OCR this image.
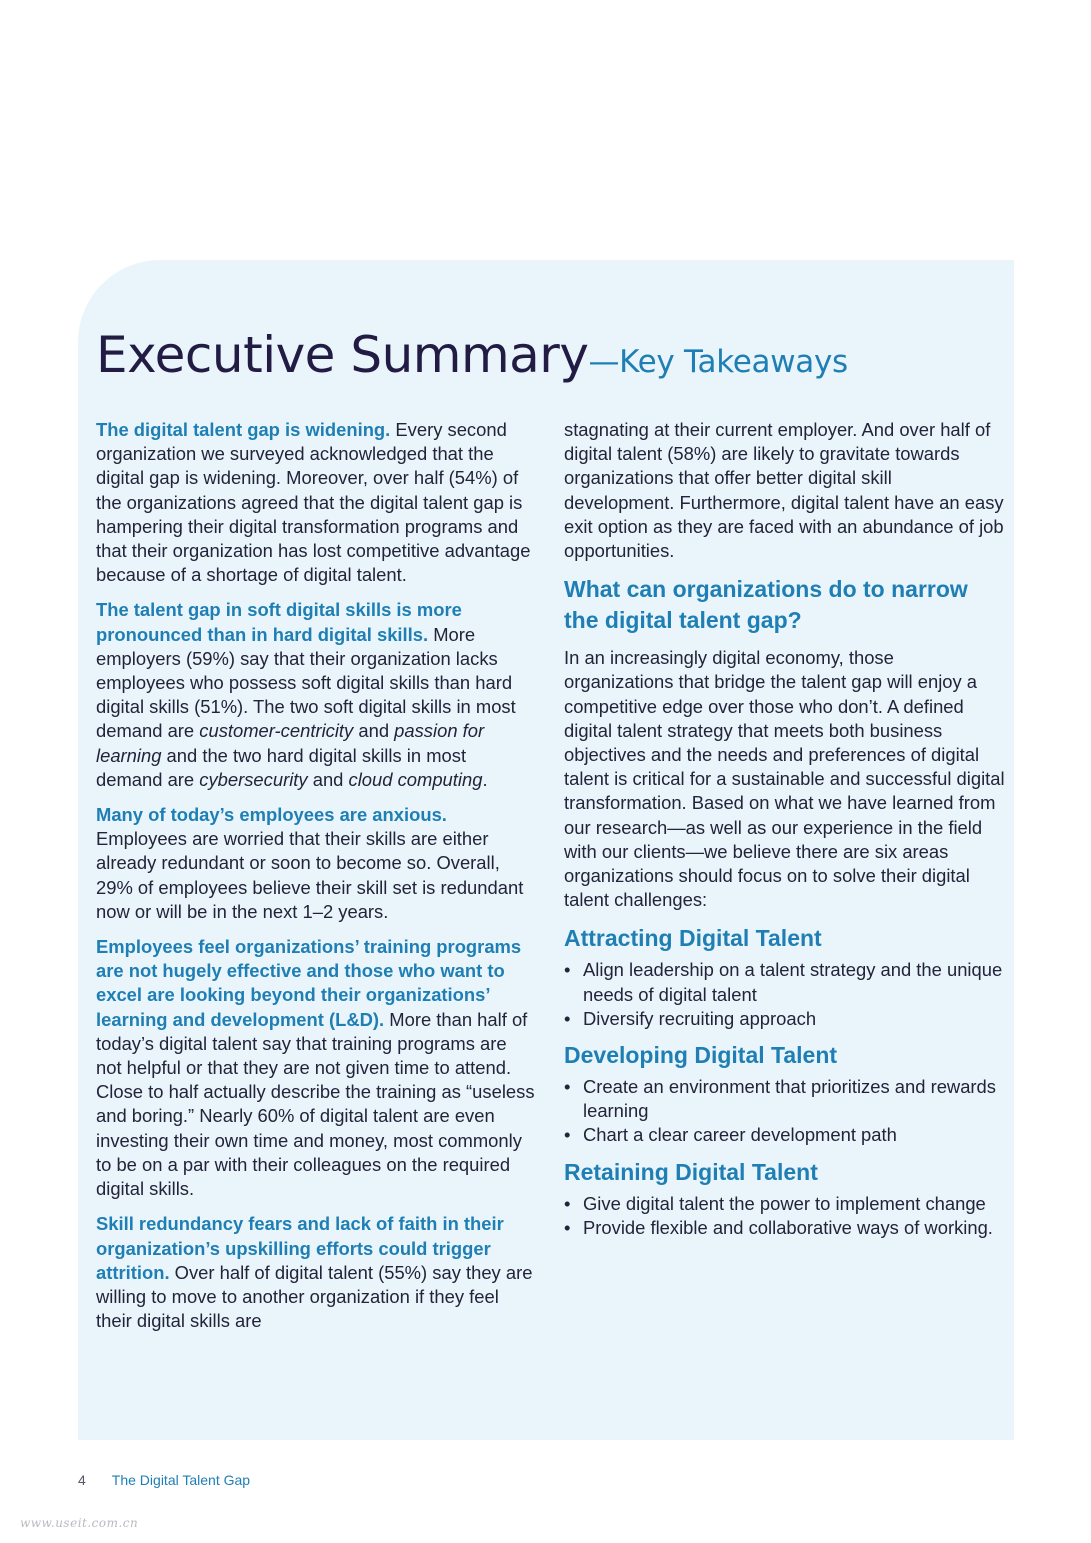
Executive Summary—Key Takeaways

The digital talent gap is widening. Every second organization we surveyed acknowledged that the digital gap is widening. Moreover, over half (54%) of the organizations agreed that the digital talent gap is hampering their digital transformation programs and that their organization has lost competitive advantage because of a shortage of digital talent.

The talent gap in soft digital skills is more pronounced than in hard digital skills. More employers (59%) say that their organization lacks employees who possess soft digital skills than hard digital skills (51%). The two soft digital skills in most demand are customer-centricity and passion for learning and the two hard digital skills in most demand are cybersecurity and cloud computing.

Many of today’s employees are anxious. Employees are worried that their skills are either already redundant or soon to become so. Overall, 29% of employees believe their skill set is redundant now or will be in the next 1–2 years.

Employees feel organizations’ training programs are not hugely effective and those who want to excel are looking beyond their organizations’ learning and development (L&D). More than half of today’s digital talent say that training programs are not helpful or that they are not given time to attend. Close to half actually describe the training as “useless and boring.” Nearly 60% of digital talent are even investing their own time and money, most commonly to be on a par with their colleagues on the required digital skills.

Skill redundancy fears and lack of faith in their organization’s upskilling efforts could trigger attrition. Over half of digital talent (55%) say they are willing to move to another organization if they feel their digital skills are

stagnating at their current employer. And over half of digital talent (58%) are likely to gravitate towards organizations that offer better digital skill development. Furthermore, digital talent have an easy exit option as they are faced with an abundance of job opportunities.

What can organizations do to narrow the digital talent gap?

In an increasingly digital economy, those organizations that bridge the talent gap will enjoy a competitive edge over those who don’t. A defined digital talent strategy that meets both business objectives and the needs and preferences of digital talent is critical for a sustainable and successful digital transformation. Based on what we have learned from our research—as well as our experience in the field with our clients—we believe there are six areas organizations should focus on to solve their digital talent challenges:

Attracting Digital Talent
• Align leadership on a talent strategy and the unique needs of digital talent
• Diversify recruiting approach
Developing Digital Talent
• Create an environment that prioritizes and rewards learning
• Chart a clear career development path
Retaining Digital Talent
• Give digital talent the power to implement change
• Provide flexible and collaborative ways of working.
4 The Digital Talent Gap
www.useit.com.cn
